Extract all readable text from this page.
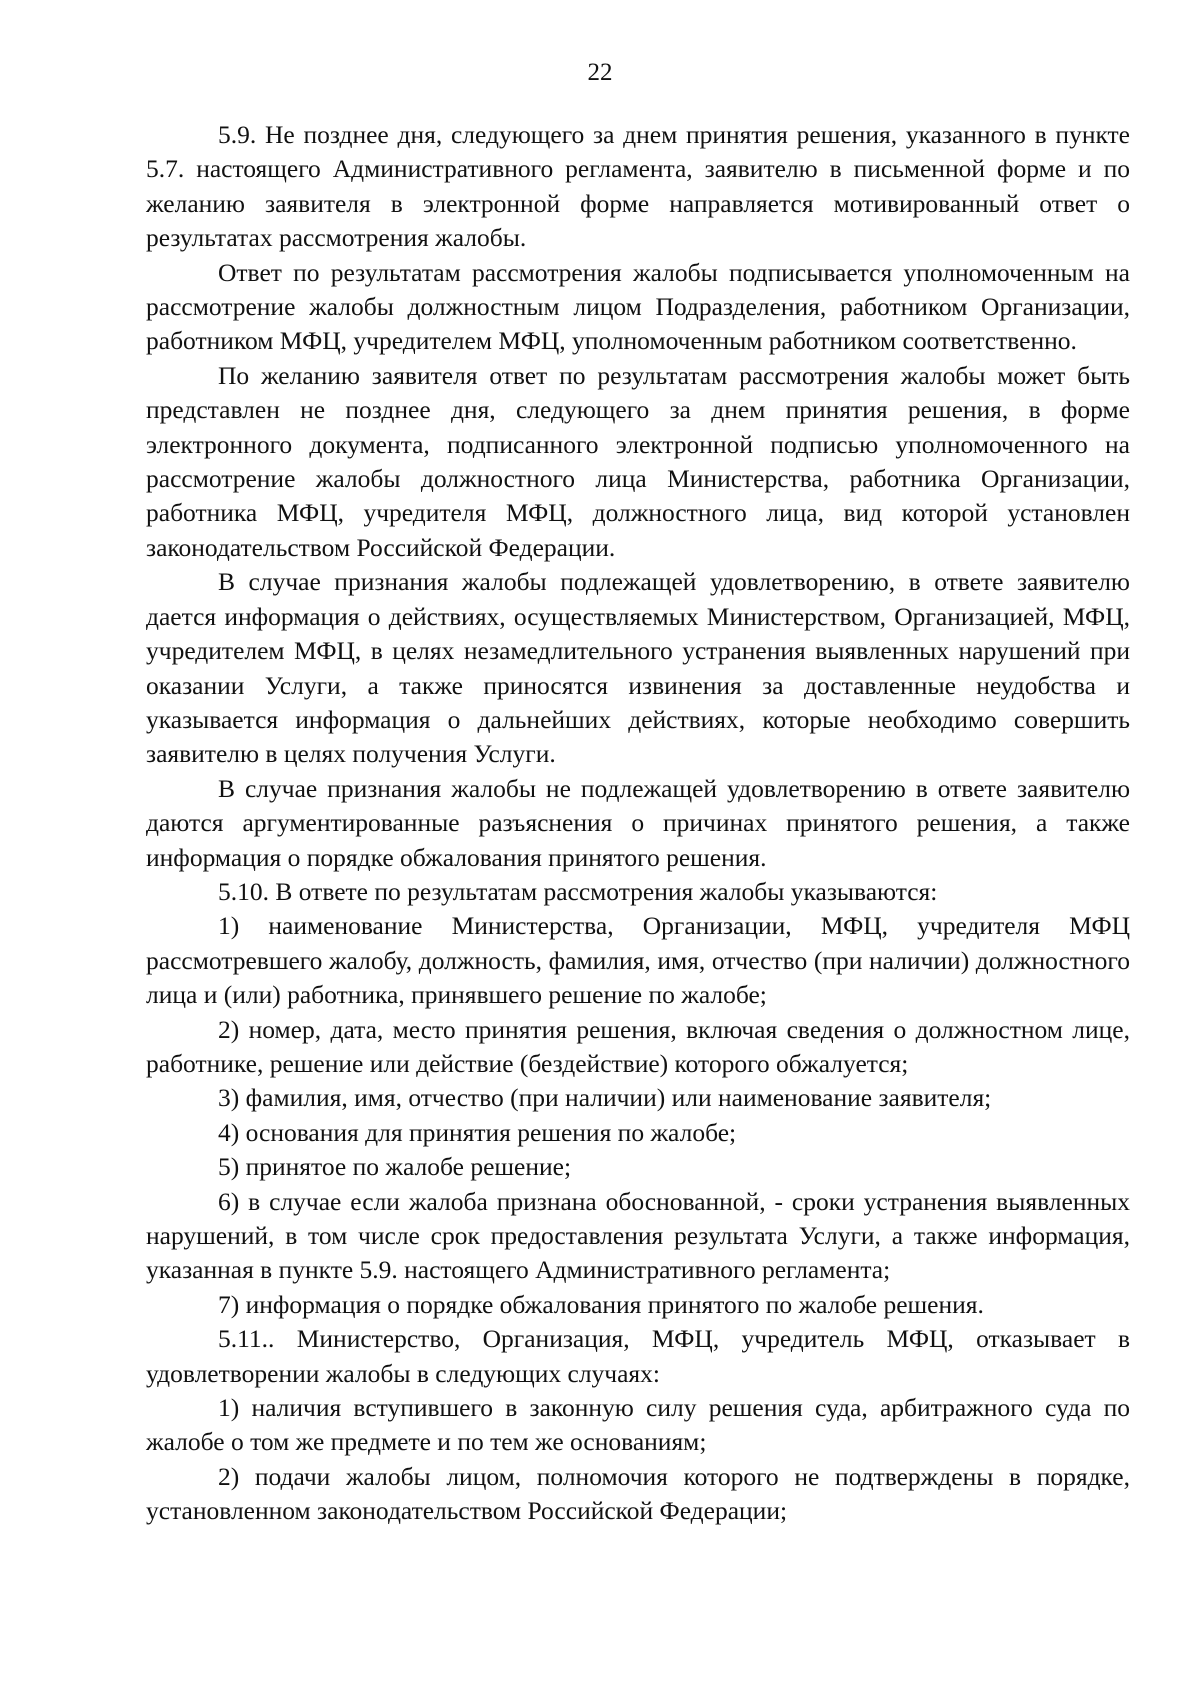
22

5.9. Не позднее дня, следующего за днем принятия решения, указанного в пункте 5.7. настоящего Административного регламента, заявителю в письменной форме и по желанию заявителя в электронной форме направляется мотивированный ответ о результатах рассмотрения жалобы.

Ответ по результатам рассмотрения жалобы подписывается уполномоченным на рассмотрение жалобы должностным лицом Подразделения, работником Организации, работником МФЦ, учредителем МФЦ, уполномоченным работником соответственно.

По желанию заявителя ответ по результатам рассмотрения жалобы может быть представлен не позднее дня, следующего за днем принятия решения, в форме электронного документа, подписанного электронной подписью уполномоченного на рассмотрение жалобы должностного лица Министерства, работника Организации, работника МФЦ, учредителя МФЦ, должностного лица, вид которой установлен законодательством Российской Федерации.

В случае признания жалобы подлежащей удовлетворению, в ответе заявителю дается информация о действиях, осуществляемых Министерством, Организацией, МФЦ, учредителем МФЦ, в целях незамедлительного устранения выявленных нарушений при оказании Услуги, а также приносятся извинения за доставленные неудобства и указывается информация о дальнейших действиях, которые необходимо совершить заявителю в целях получения Услуги.

В случае признания жалобы не подлежащей удовлетворению в ответе заявителю даются аргументированные разъяснения о причинах принятого решения, а также информация о порядке обжалования принятого решения.

5.10. В ответе по результатам рассмотрения жалобы указываются:

1) наименование Министерства, Организации, МФЦ, учредителя МФЦ рассмотревшего жалобу, должность, фамилия, имя, отчество (при наличии) должностного лица и (или) работника, принявшего решение по жалобе;

2) номер, дата, место принятия решения, включая сведения о должностном лице, работнике, решение или действие (бездействие) которого обжалуется;

3) фамилия, имя, отчество (при наличии) или наименование заявителя;

4) основания для принятия решения по жалобе;

5) принятое по жалобе решение;

6) в случае если жалоба признана обоснованной, - сроки устранения выявленных нарушений, в том числе срок предоставления результата Услуги, а также информация, указанная в пункте 5.9. настоящего Административного регламента;

7) информация о порядке обжалования принятого по жалобе решения.

5.11.. Министерство, Организация, МФЦ, учредитель МФЦ, отказывает в удовлетворении жалобы в следующих случаях:

1) наличия вступившего в законную силу решения суда, арбитражного суда по жалобе о том же предмете и по тем же основаниям;

2) подачи жалобы лицом, полномочия которого не подтверждены в порядке, установленном законодательством Российской Федерации;
